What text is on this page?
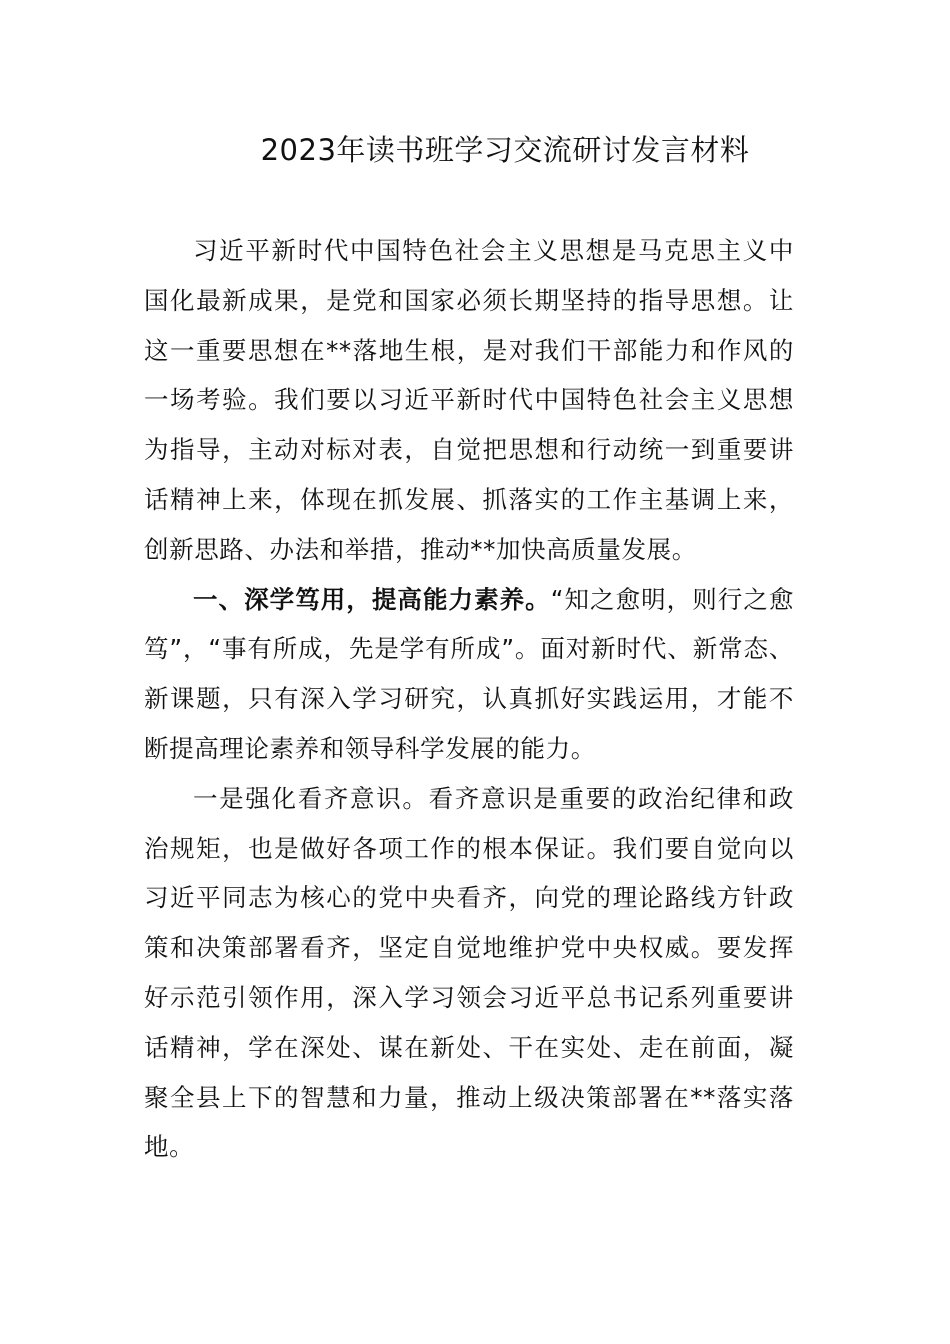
2023年读书班学习交流研讨发言材料

习近平新时代中国特色社会主义思想是马克思主义中国化最新成果，是党和国家必须长期坚持的指导思想。让这一重要思想在**落地生根，是对我们干部能力和作风的一场考验。我们要以习近平新时代中国特色社会主义思想为指导，主动对标对表，自觉把思想和行动统一到重要讲话精神上来，体现在抓发展、抓落实的工作主基调上来，创新思路、办法和举措，推动**加快高质量发展。

一、深学笃用，提高能力素养。“知之愈明，则行之愈笃”，“事有所成，先是学有所成”。面对新时代、新常态、新课题，只有深入学习研究，认真抓好实践运用，才能不断提高理论素养和领导科学发展的能力。

一是强化看齐意识。看齐意识是重要的政治纪律和政治规矩，也是做好各项工作的根本保证。我们要自觉向以习近平同志为核心的党中央看齐，向党的理论路线方针政策和决策部署看齐，坚定自觉地维护党中央权威。要发挥好示范引领作用，深入学习领会习近平总书记系列重要讲话精神，学在深处、谋在新处、干在实处、走在前面，凝聚全县上下的智慧和力量，推动上级决策部署在**落实落地。
